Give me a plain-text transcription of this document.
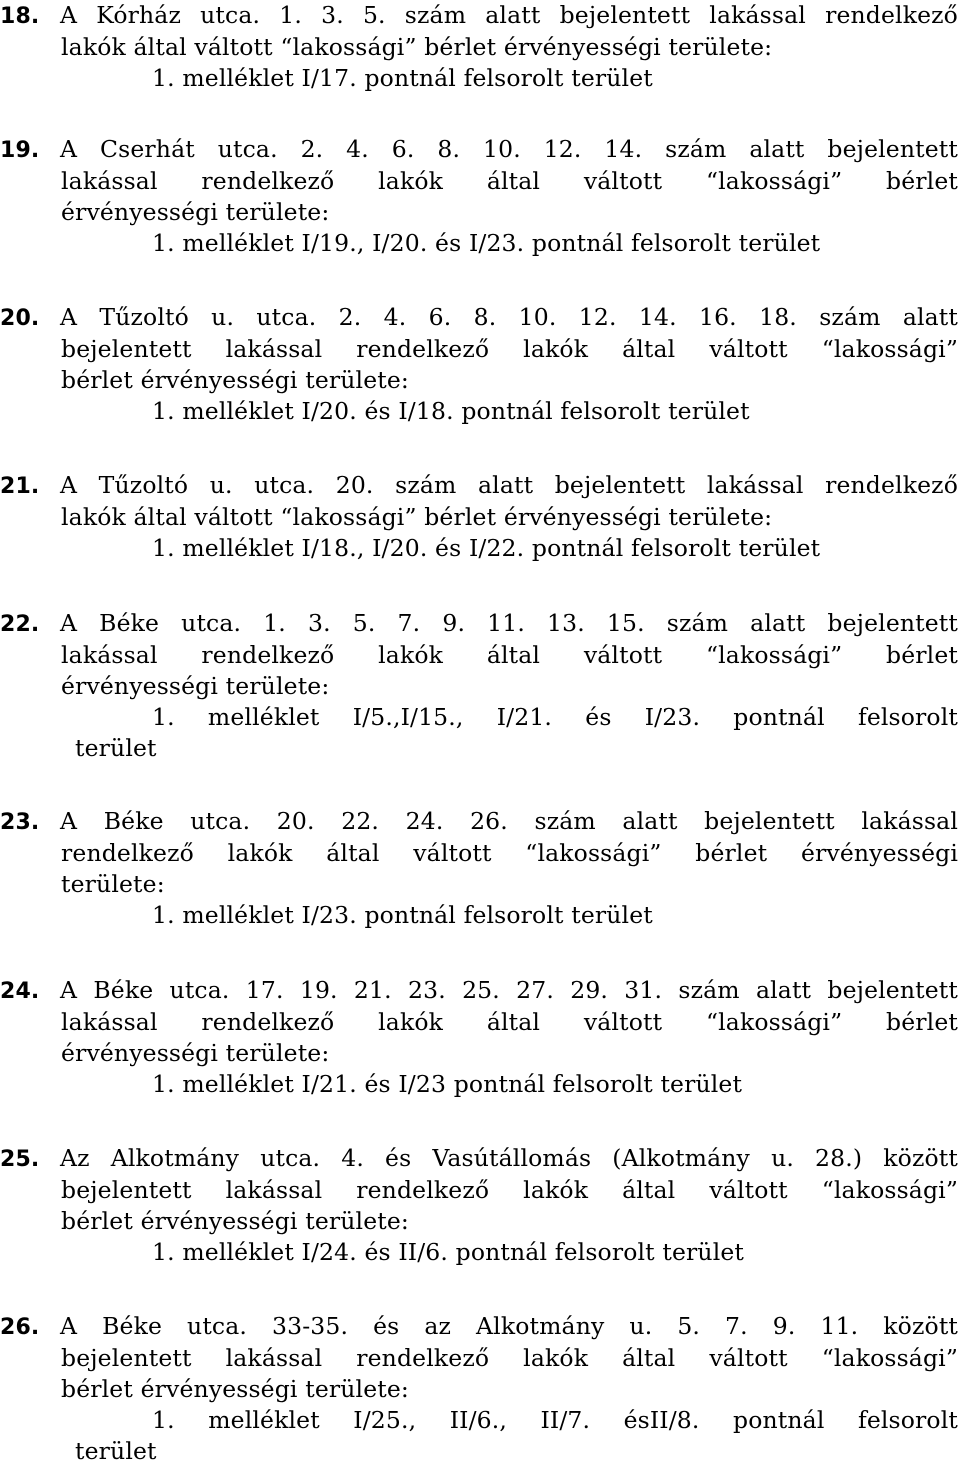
18. A Kórház utca. 1. 3. 5. szám alatt bejelentett lakással rendelkező
lakók által váltott “lakossági” bérlet érvényességi területe:
1. melléklet I/17. pontnál felsorolt terület
19. A Cserhát utca. 2. 4. 6. 8. 10. 12. 14. szám alatt bejelentett
lakással rendelkező lakók által váltott “lakossági” bérlet
érvényességi területe:
1. melléklet I/19., I/20. és I/23. pontnál felsorolt terület
20. A Tűzoltó u. utca. 2. 4. 6. 8. 10. 12. 14. 16. 18. szám alatt
bejelentett lakással rendelkező lakók által váltott “lakossági”
bérlet érvényességi területe:
1. melléklet I/20. és I/18. pontnál felsorolt terület
21. A Tűzoltó u. utca. 20. szám alatt bejelentett lakással rendelkező
lakók által váltott “lakossági” bérlet érvényességi területe:
1. melléklet I/18., I/20. és I/22. pontnál felsorolt terület
22. A Béke utca. 1. 3. 5. 7. 9. 11. 13. 15. szám alatt bejelentett
lakással rendelkező lakók által váltott “lakossági” bérlet
érvényességi területe:
1. melléklet I/5.,I/15., I/21. és I/23. pontnál felsorolt
terület
23. A Béke utca. 20. 22. 24. 26. szám alatt bejelentett lakással
rendelkező lakók által váltott “lakossági” bérlet érvényességi
területe:
1. melléklet I/23. pontnál felsorolt terület
24. A Béke utca. 17. 19. 21. 23. 25. 27. 29. 31. szám alatt bejelentett
lakással rendelkező lakók által váltott “lakossági” bérlet
érvényességi területe:
1. melléklet I/21. és I/23 pontnál felsorolt terület
25. Az Alkotmány utca. 4. és Vasútállomás (Alkotmány u. 28.) között
bejelentett lakással rendelkező lakók által váltott “lakossági”
bérlet érvényességi területe:
1. melléklet I/24. és II/6. pontnál felsorolt terület
26. A Béke utca. 33-35. és az Alkotmány u. 5. 7. 9. 11. között
bejelentett lakással rendelkező lakók által váltott “lakossági”
bérlet érvényességi területe:
1. melléklet I/25., II/6., II/7. ésII/8. pontnál felsorolt
terület
